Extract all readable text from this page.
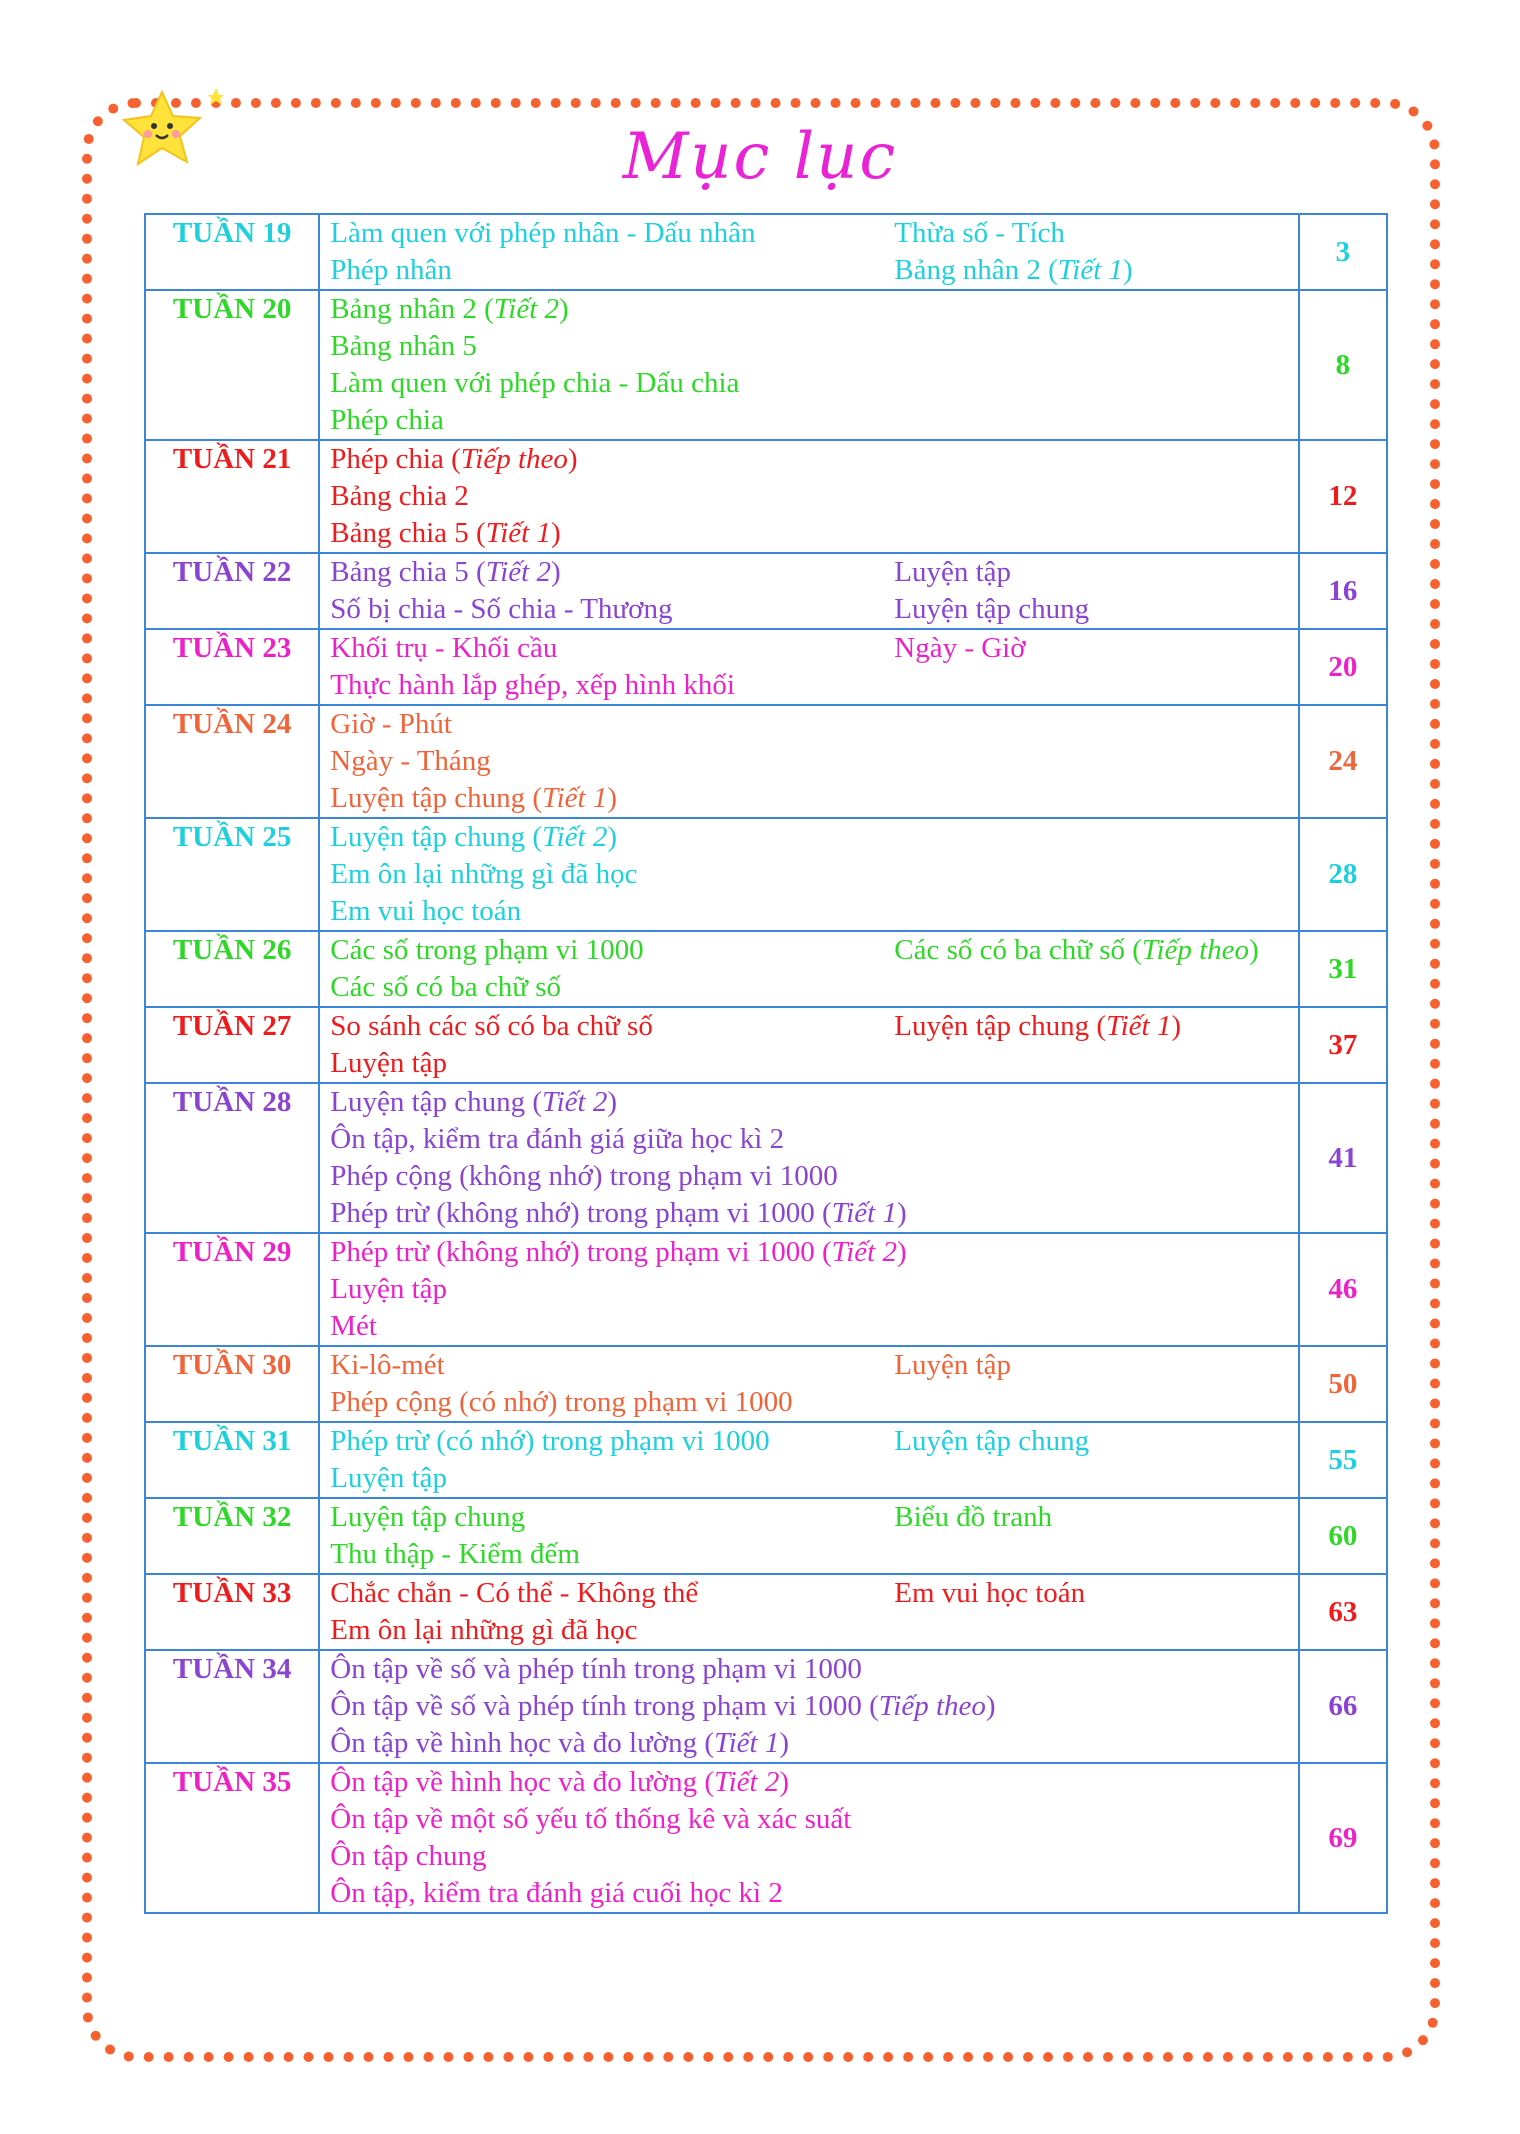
Mục lục
TUẦN 19	Làm quen với phép nhân - Dấu nhân
Phép nhân
Thừa số - Tích
Bảng nhân 2 (Tiết 1)	3
TUẦN 20	Bảng nhân 2 (Tiết 2)
Bảng nhân 5
Làm quen với phép chia - Dấu chia
Phép chia	8
TUẦN 21	Phép chia (Tiếp theo)
Bảng chia 2
Bảng chia 5 (Tiết 1)	12
TUẦN 22	Bảng chia 5 (Tiết 2)
Số bị chia - Số chia - Thương
Luyện tập
Luyện tập chung	16
TUẦN 23	Khối trụ - Khối cầu
Thực hành lắp ghép, xếp hình khối
Ngày - Giờ	20
TUẦN 24	Giờ - Phút
Ngày - Tháng
Luyện tập chung (Tiết 1)	24
TUẦN 25	Luyện tập chung (Tiết 2)
Em ôn lại những gì đã học
Em vui học toán	28
TUẦN 26	Các số trong phạm vi 1000
Các số có ba chữ số
Các số có ba chữ số (Tiếp theo)	31
TUẦN 27	So sánh các số có ba chữ số
Luyện tập
Luyện tập chung (Tiết 1)	37
TUẦN 28	Luyện tập chung (Tiết 2)
Ôn tập, kiểm tra đánh giá giữa học kì 2
Phép cộng (không nhớ) trong phạm vi 1000
Phép trừ (không nhớ) trong phạm vi 1000 (Tiết 1)	41
TUẦN 29	Phép trừ (không nhớ) trong phạm vi 1000 (Tiết 2)
Luyện tập
Mét	46
TUẦN 30	Ki-lô-mét
Phép cộng (có nhớ) trong phạm vi 1000
Luyện tập	50
TUẦN 31	Phép trừ (có nhớ) trong phạm vi 1000
Luyện tập
Luyện tập chung	55
TUẦN 32	Luyện tập chung
Thu thập - Kiểm đếm
Biểu đồ tranh	60
TUẦN 33	Chắc chắn - Có thể - Không thể
Em ôn lại những gì đã học
Em vui học toán	63
TUẦN 34	Ôn tập về số và phép tính trong phạm vi 1000
Ôn tập về số và phép tính trong phạm vi 1000 (Tiếp theo)
Ôn tập về hình học và đo lường (Tiết 1)	66
TUẦN 35	Ôn tập về hình học và đo lường (Tiết 2)
Ôn tập về một số yếu tố thống kê và xác suất
Ôn tập chung
Ôn tập, kiểm tra đánh giá cuối học kì 2	69
